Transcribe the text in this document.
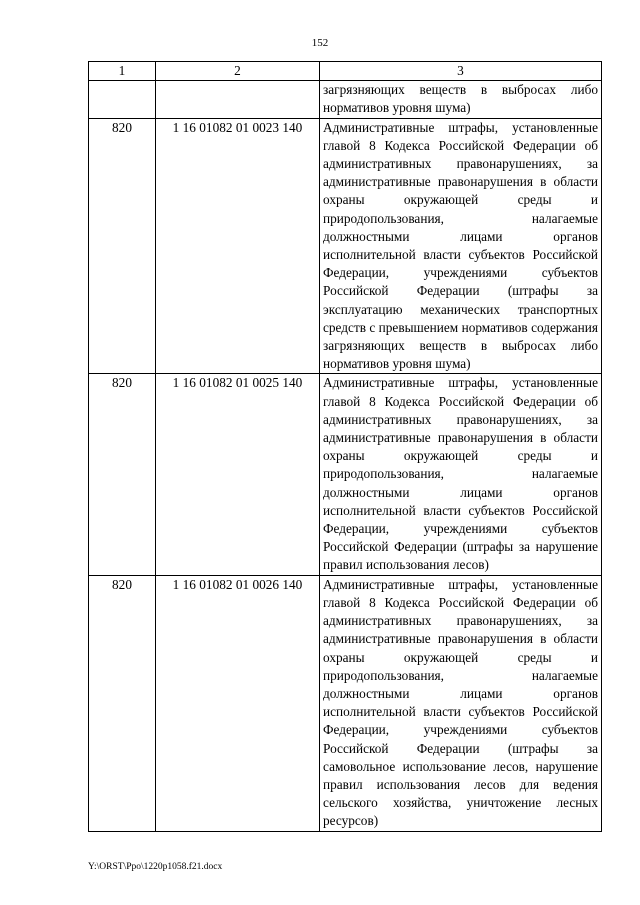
152
1	2	3
		загрязняющих веществ в выбросах либо нормативов уровня шума)
820	1 16 01082 01 0023 140	Административные штрафы, установленные главой 8 Кодекса Российской Федерации об административных правонарушениях, за административные правонарушения в области охраны окружающей среды и природопользования, налагаемые должностными лицами органов исполнительной власти субъектов Российской Федерации, учреждениями субъектов Российской Федерации (штрафы за эксплуатацию механических транспортных средств с превышением нормативов содержания загрязняющих веществ в выбросах либо нормативов уровня шума)
820	1 16 01082 01 0025 140	Административные штрафы, установленные главой 8 Кодекса Российской Федерации об административных правонарушениях, за административные правонарушения в области охраны окружающей среды и природопользования, налагаемые должностными лицами органов исполнительной власти субъектов Российской Федерации, учреждениями субъектов Российской Федерации (штрафы за нарушение правил использования лесов)
820	1 16 01082 01 0026 140	Административные штрафы, установленные главой 8 Кодекса Российской Федерации об административных правонарушениях, за административные правонарушения в области охраны окружающей среды и природопользования, налагаемые должностными лицами органов исполнительной власти субъектов Российской Федерации, учреждениями субъектов Российской Федерации (штрафы за самовольное использование лесов, нарушение правил использования лесов для ведения сельского хозяйства, уничтожение лесных ресурсов)
Y:\ORST\Ppo\1220p1058.f21.docx
